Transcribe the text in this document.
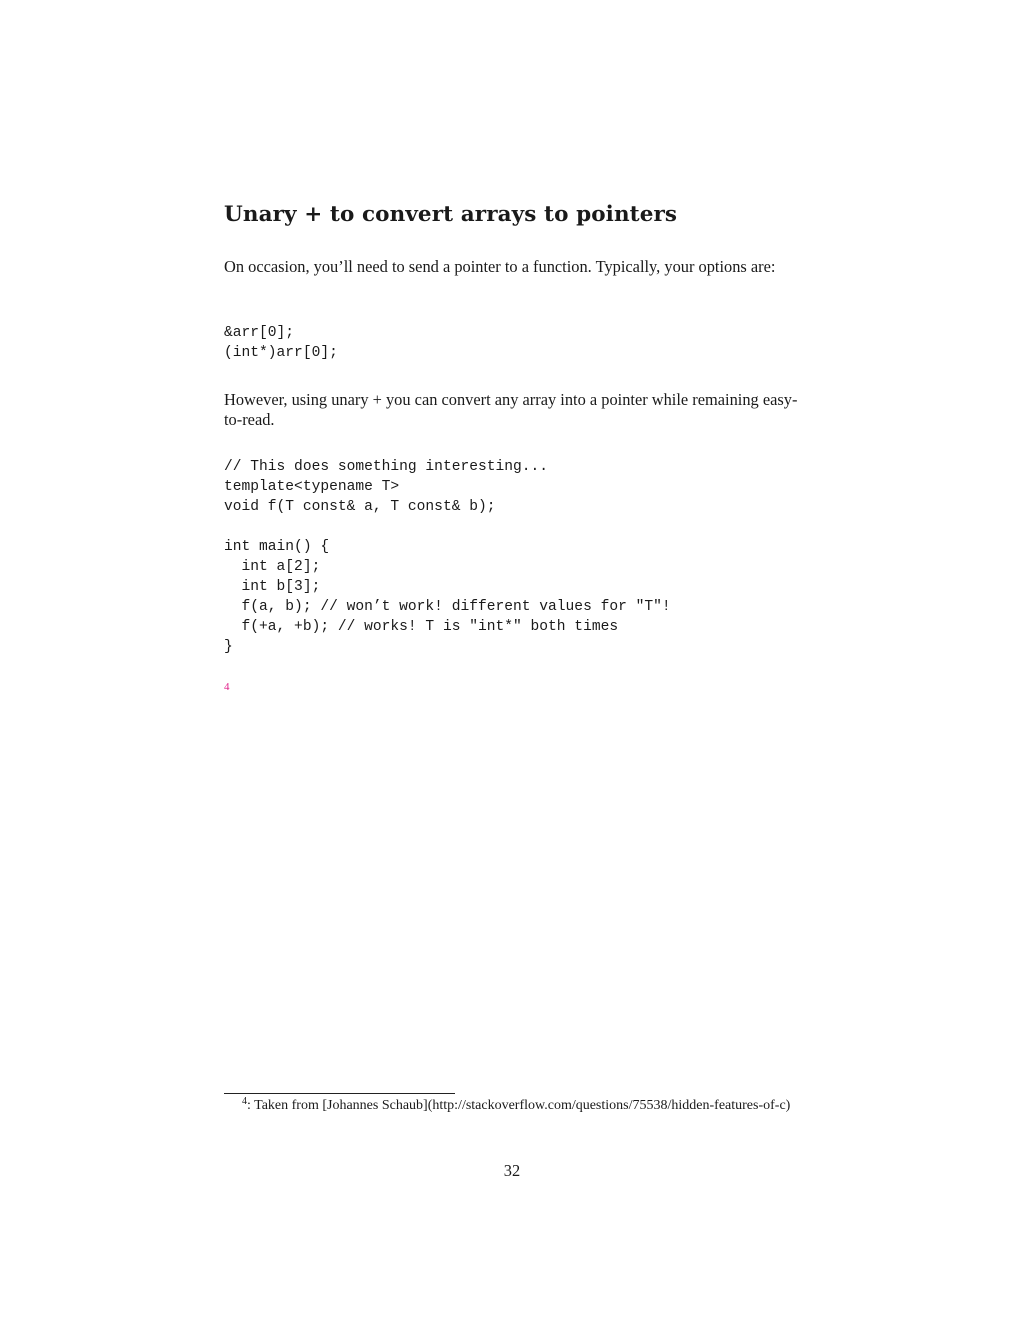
Unary + to convert arrays to pointers

On occasion, you’ll need to send a pointer to a function. Typically, your options are:

&arr[0];
(int*)arr[0];

However, using unary + you can convert any array into a pointer while remaining easy-to-read.

// This does something interesting...
template<typename T>
void f(T const& a, T const& b);

int main() {
int a[2];
int b[3];
f(a, b); // won’t work! different values for "T"!
f(+a, +b); // works! T is "int*" both times
}
4

$^4$: Taken from [Johannes Schaub](http://stackoverflow.com/questions/75538/hidden-features-of-c)

32
